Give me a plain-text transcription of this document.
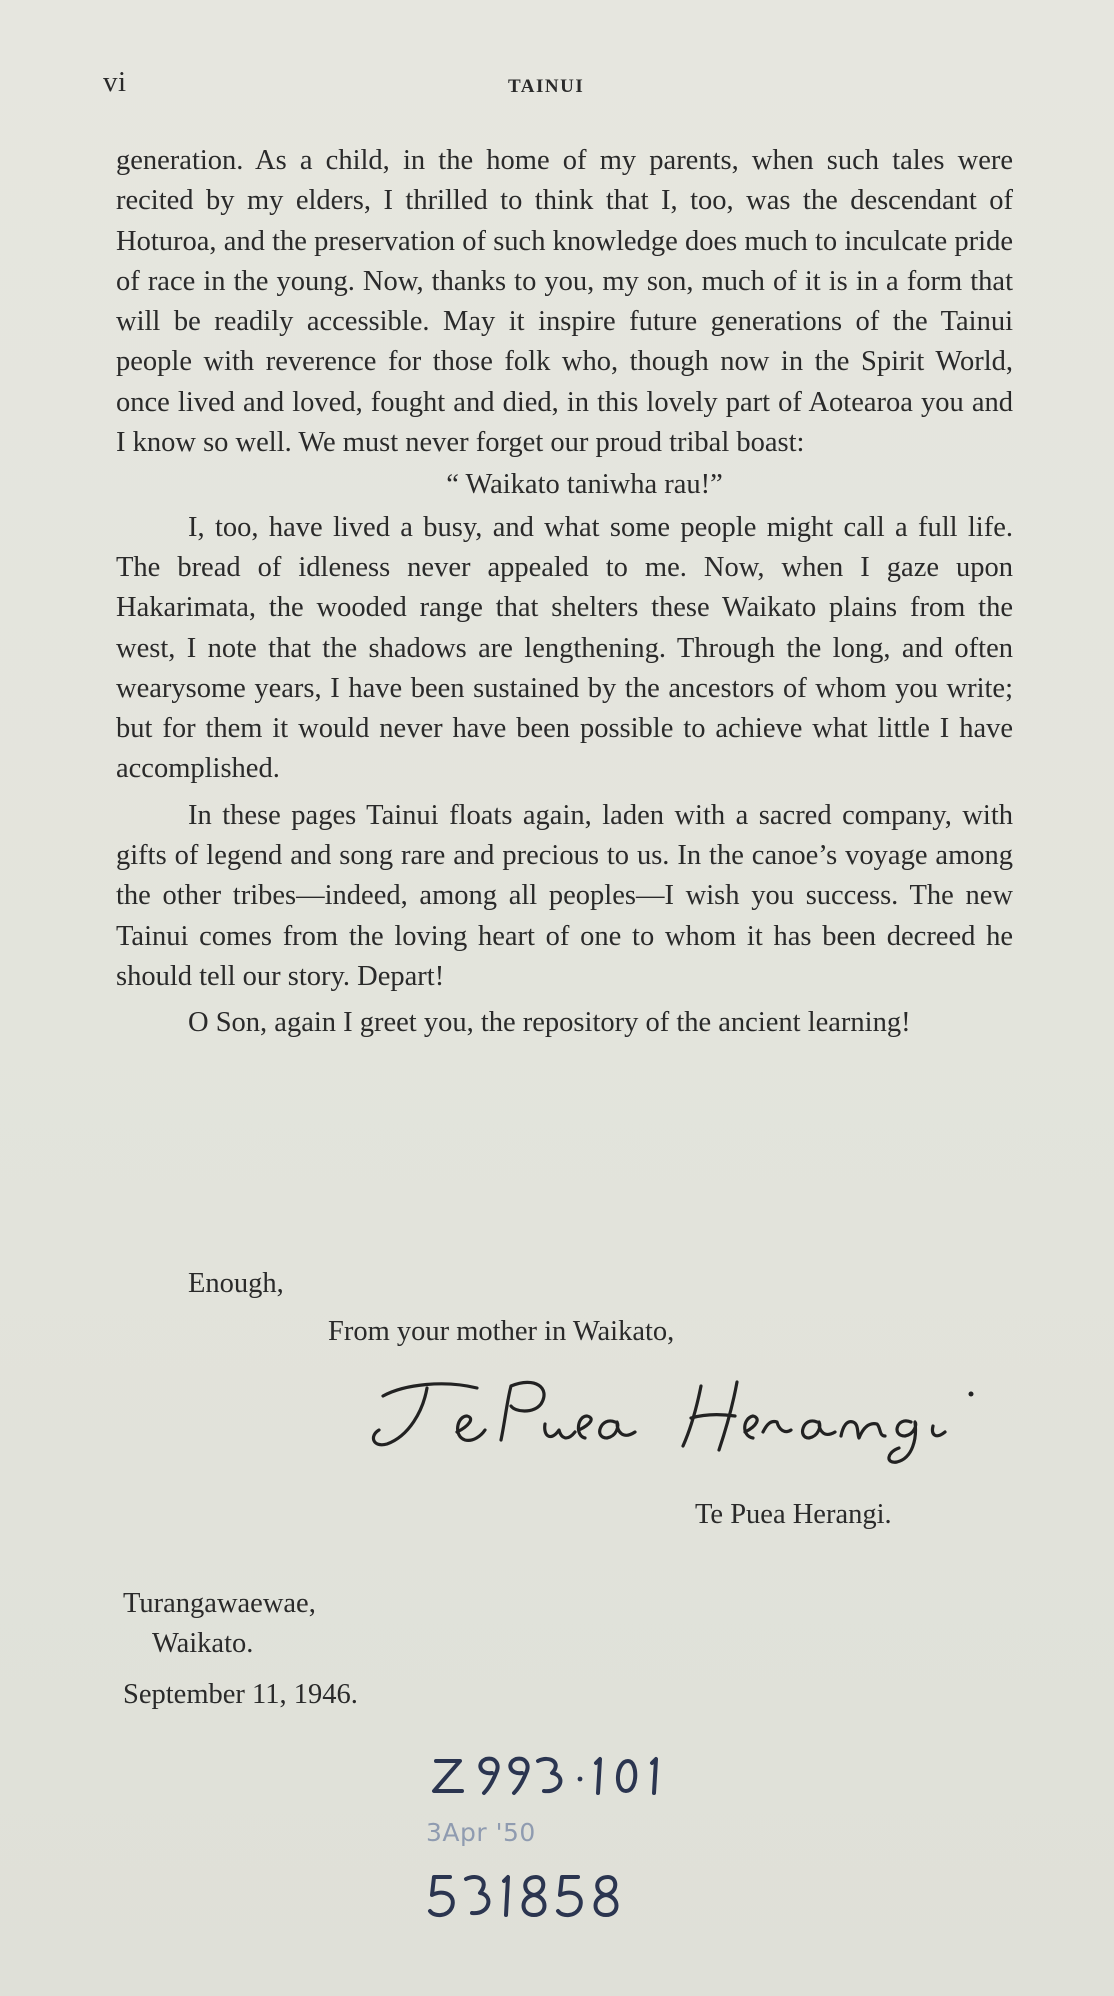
vi	TAINUI

generation. As a child, in the home of my parents, when such tales were recited by my elders, I thrilled to think that I, too, was the descendant of Hoturoa, and the preservation of such knowledge does much to inculcate pride of race in the young. Now, thanks to you, my son, much of it is in a form that will be readily accessible. May it inspire future generations of the Tainui people with reverence for those folk who, though now in the Spirit World, once lived and loved, fought and died, in this lovely part of Aotearoa you and I know so well. We must never forget our proud tribal boast:

“ Waikato taniwha rau!”

I, too, have lived a busy, and what some people might call a full life. The bread of idleness never appealed to me. Now, when I gaze upon Hakarimata, the wooded range that shelters these Waikato plains from the west, I note that the shadows are lengthening. Through the long, and often wearysome years, I have been sustained by the ancestors of whom you write; but for them it would never have been possible to achieve what little I have accomplished.

In these pages Tainui floats again, laden with a sacred company, with gifts of legend and song rare and precious to us. In the canoe’s voyage among the other tribes—indeed, among all peoples—I wish you success. The new Tainui comes from the loving heart of one to whom it has been decreed he should tell our story. Depart!

O Son, again I greet you, the repository of the ancient learning!

Enough,
From your mother in Waikato,
Te Puea Herangi.
Turangawaewae,
Waikato.
September 11, 1946.
3Apr '50
